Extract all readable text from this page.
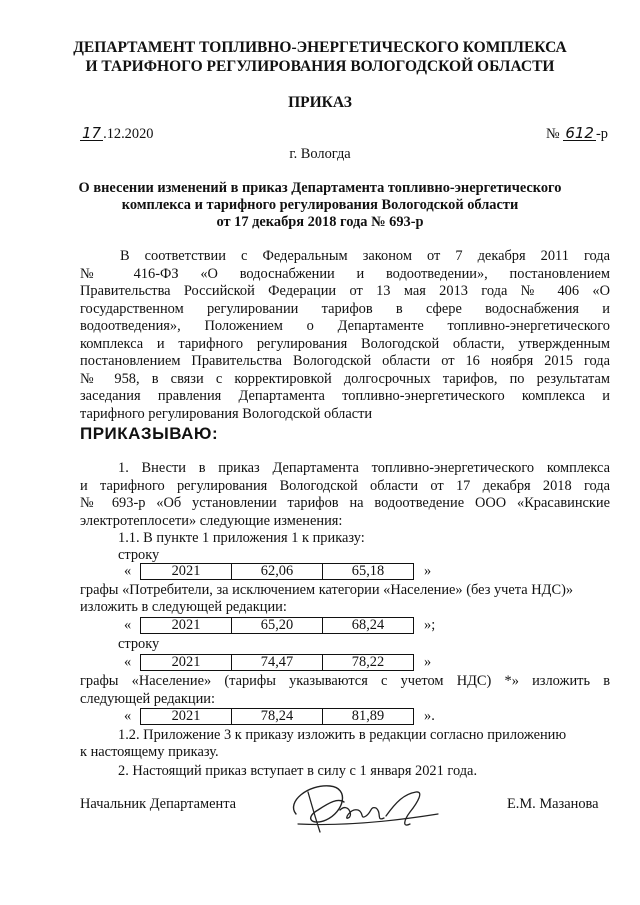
ДЕПАРТАМЕНТ ТОПЛИВНО-ЭНЕРГЕТИЧЕСКОГО КОМПЛЕКСА
И ТАРИФНОГО РЕГУЛИРОВАНИЯ ВОЛОГОДСКОЙ ОБЛАСТИ
ПРИКАЗ
17 .12.2020	№ 612 -р
г. Вологда
О внесении изменений в приказ Департамента топливно-энергетического
комплекса и тарифного регулирования Вологодской области
от 17 декабря 2018 года № 693-р
В соответствии с Федеральным законом от 7 декабря 2011 года
№ 416-ФЗ «О водоснабжении и водоотведении», постановлением
Правительства Российской Федерации от 13 мая 2013 года № 406 «О
государственном регулировании тарифов в сфере водоснабжения и
водоотведения», Положением о Департаменте топливно-энергетического
комплекса и тарифного регулирования Вологодской области, утвержденным
постановлением Правительства Вологодской области от 16 ноября 2015 года
№ 958, в связи с корректировкой долгосрочных тарифов, по результатам
заседания правления Департамента топливно-энергетического комплекса и
тарифного регулирования Вологодской области
ПРИКАЗЫВАЮ:
1. Внести в приказ Департамента топливно-энергетического комплекса
и тарифного регулирования Вологодской области от 17 декабря 2018 года
№ 693-р «Об установлении тарифов на водоотведение ООО «Красавинские
электротеплосети» следующие изменения:
1.1. В пункте 1 приложения 1 к приказу:
строку
«	2021	62,06	65,18	»
графы «Потребители, за исключением категории «Население» (без учета НДС)»
изложить в следующей редакции:
«	2021	65,20	68,24	»;
строку
«	2021	74,47	78,22	»
графы «Население» (тарифы указываются с учетом НДС) *» изложить в
следующей редакции:
«	2021	78,24	81,89	».
1.2. Приложение 3 к приказу изложить в редакции согласно приложению
к настоящему приказу.
2. Настоящий приказ вступает в силу с 1 января 2021 года.
Начальник Департамента	Е.М. Мазанова
